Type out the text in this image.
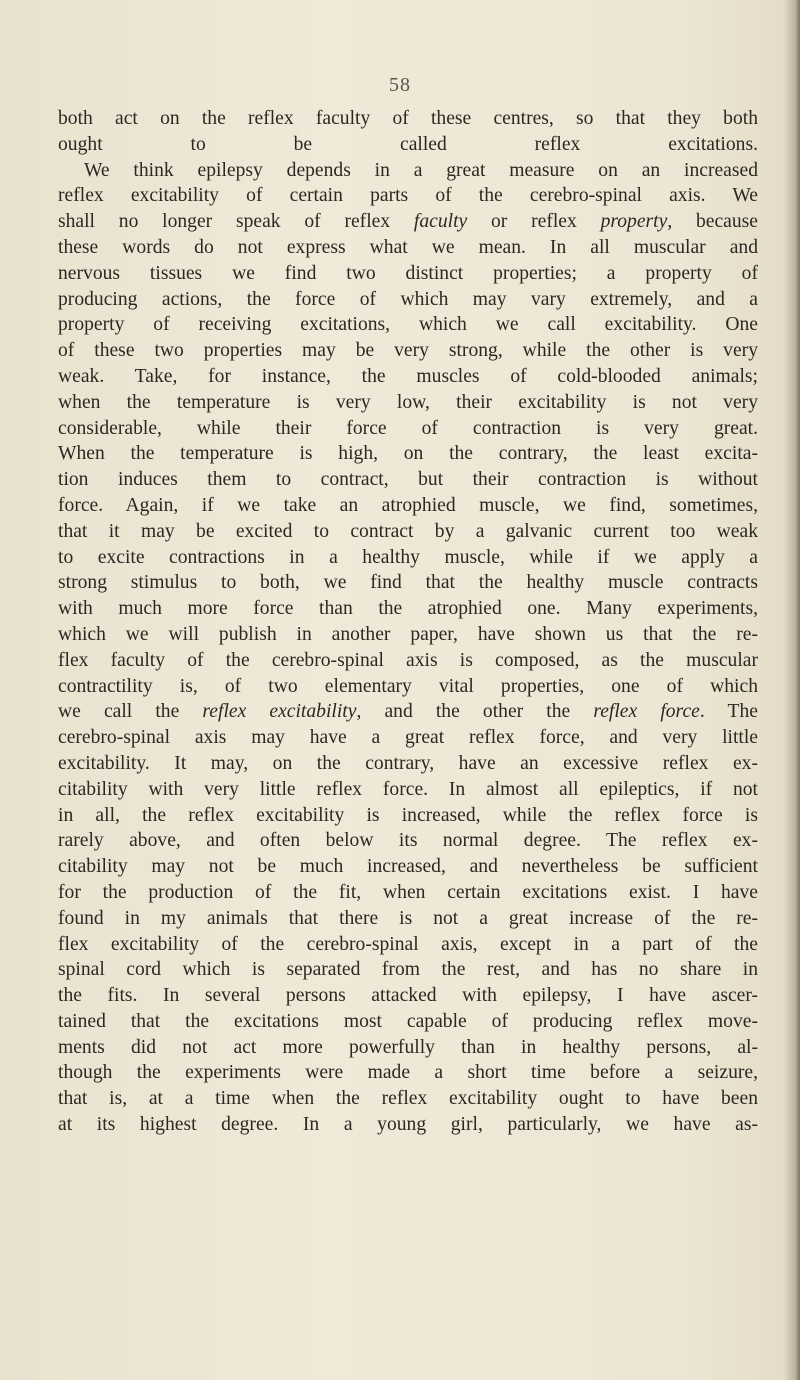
58
both act on the reflex faculty of these centres, so that they both
ought to be called reflex excitations.
We think epilepsy depends in a great measure on an increased
reflex excitability of certain parts of the cerebro-spinal axis. We
shall no longer speak of reflex faculty or reflex property, because
these words do not express what we mean. In all muscular and
nervous tissues we find two distinct properties; a property of
producing actions, the force of which may vary extremely, and a
property of receiving excitations, which we call excitability. One
of these two properties may be very strong, while the other is very
weak. Take, for instance, the muscles of cold-blooded animals;
when the temperature is very low, their excitability is not very
considerable, while their force of contraction is very great.
When the temperature is high, on the contrary, the least excita-
tion induces them to contract, but their contraction is without
force. Again, if we take an atrophied muscle, we find, sometimes,
that it may be excited to contract by a galvanic current too weak
to excite contractions in a healthy muscle, while if we apply a
strong stimulus to both, we find that the healthy muscle contracts
with much more force than the atrophied one. Many experiments,
which we will publish in another paper, have shown us that the re-
flex faculty of the cerebro-spinal axis is composed, as the muscular
contractility is, of two elementary vital properties, one of which
we call the reflex excitability, and the other the reflex force. The
cerebro-spinal axis may have a great reflex force, and very little
excitability. It may, on the contrary, have an excessive reflex ex-
citability with very little reflex force. In almost all epileptics, if not
in all, the reflex excitability is increased, while the reflex force is
rarely above, and often below its normal degree. The reflex ex-
citability may not be much increased, and nevertheless be sufficient
for the production of the fit, when certain excitations exist. I have
found in my animals that there is not a great increase of the re-
flex excitability of the cerebro-spinal axis, except in a part of the
spinal cord which is separated from the rest, and has no share in
the fits. In several persons attacked with epilepsy, I have ascer-
tained that the excitations most capable of producing reflex move-
ments did not act more powerfully than in healthy persons, al-
though the experiments were made a short time before a seizure,
that is, at a time when the reflex excitability ought to have been
at its highest degree. In a young girl, particularly, we have as-
